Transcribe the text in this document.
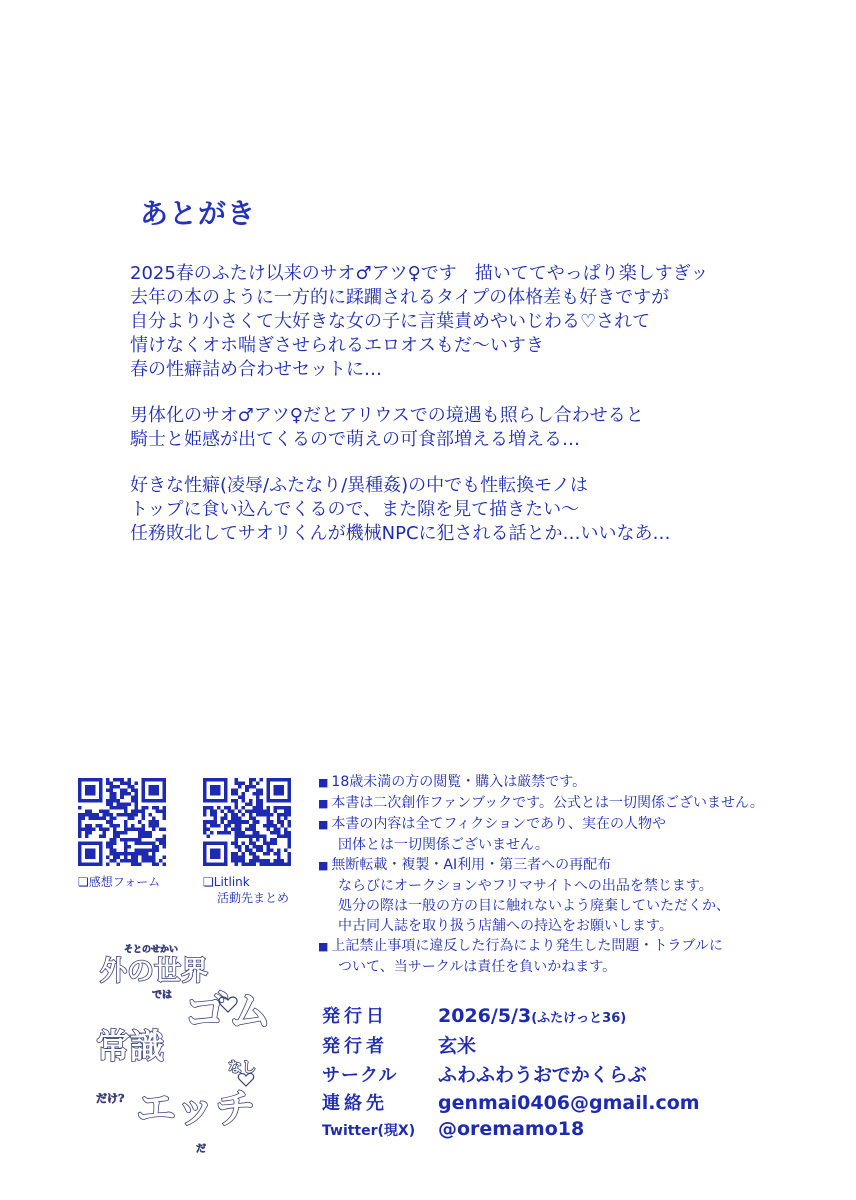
あとがき
2025春のふたけ以来のサオ♂アツ♀です　描いててやっぱり楽しすぎッ
去年の本のように一方的に蹂躙されるタイプの体格差も好きですが
自分より小さくて大好きな女の子に言葉責めやいじわる♡されて
情けなくオホ喘ぎさせられるエロオスもだ〜いすき
春の性癖詰め合わせセットに…
男体化のサオ♂アツ♀だとアリウスでの境遇も照らし合わせると
騎士と姫感が出てくるので萌えの可食部増える増える…
好きな性癖(凌辱/ふたなり/異種姦)の中でも性転換モノは
トップに食い込んでくるので、また隙を見て描きたい〜
任務敗北してサオリくんが機械NPCに犯される話とか…いいなあ…
❏感想フォーム	❏Litlink
活動先まとめ
■ 18歳未満の方の閲覧・購入は厳禁です。
■ 本書は二次創作ファンブックです。公式とは一切関係ございません。
■ 本書の内容は全てフィクションであり、実在の人物や
団体とは一切関係ございません。
■ 無断転載・複製・AI利用・第三者への再配布
ならびにオークションやフリマサイトへの出品を禁じます。
処分の際は一般の方の目に触れないよう廃棄していただくか、
中古同人誌を取り扱う店舗への持込をお願いします。
■ 上記禁止事項に違反した行為により発生した問題・トラブルに
ついて、当サークルは責任を負いかねます。
発行日	2026/5/3(ふたけっと36)
発行者	玄米
サークル	ふわふわうおでかくらぶ
連絡先	genmai0406@gmail.com
Twitter(現X)	@oremamo18
そとのせかい
外の世界
では ゴム
なし
常識
だけ? エッチ
だ
